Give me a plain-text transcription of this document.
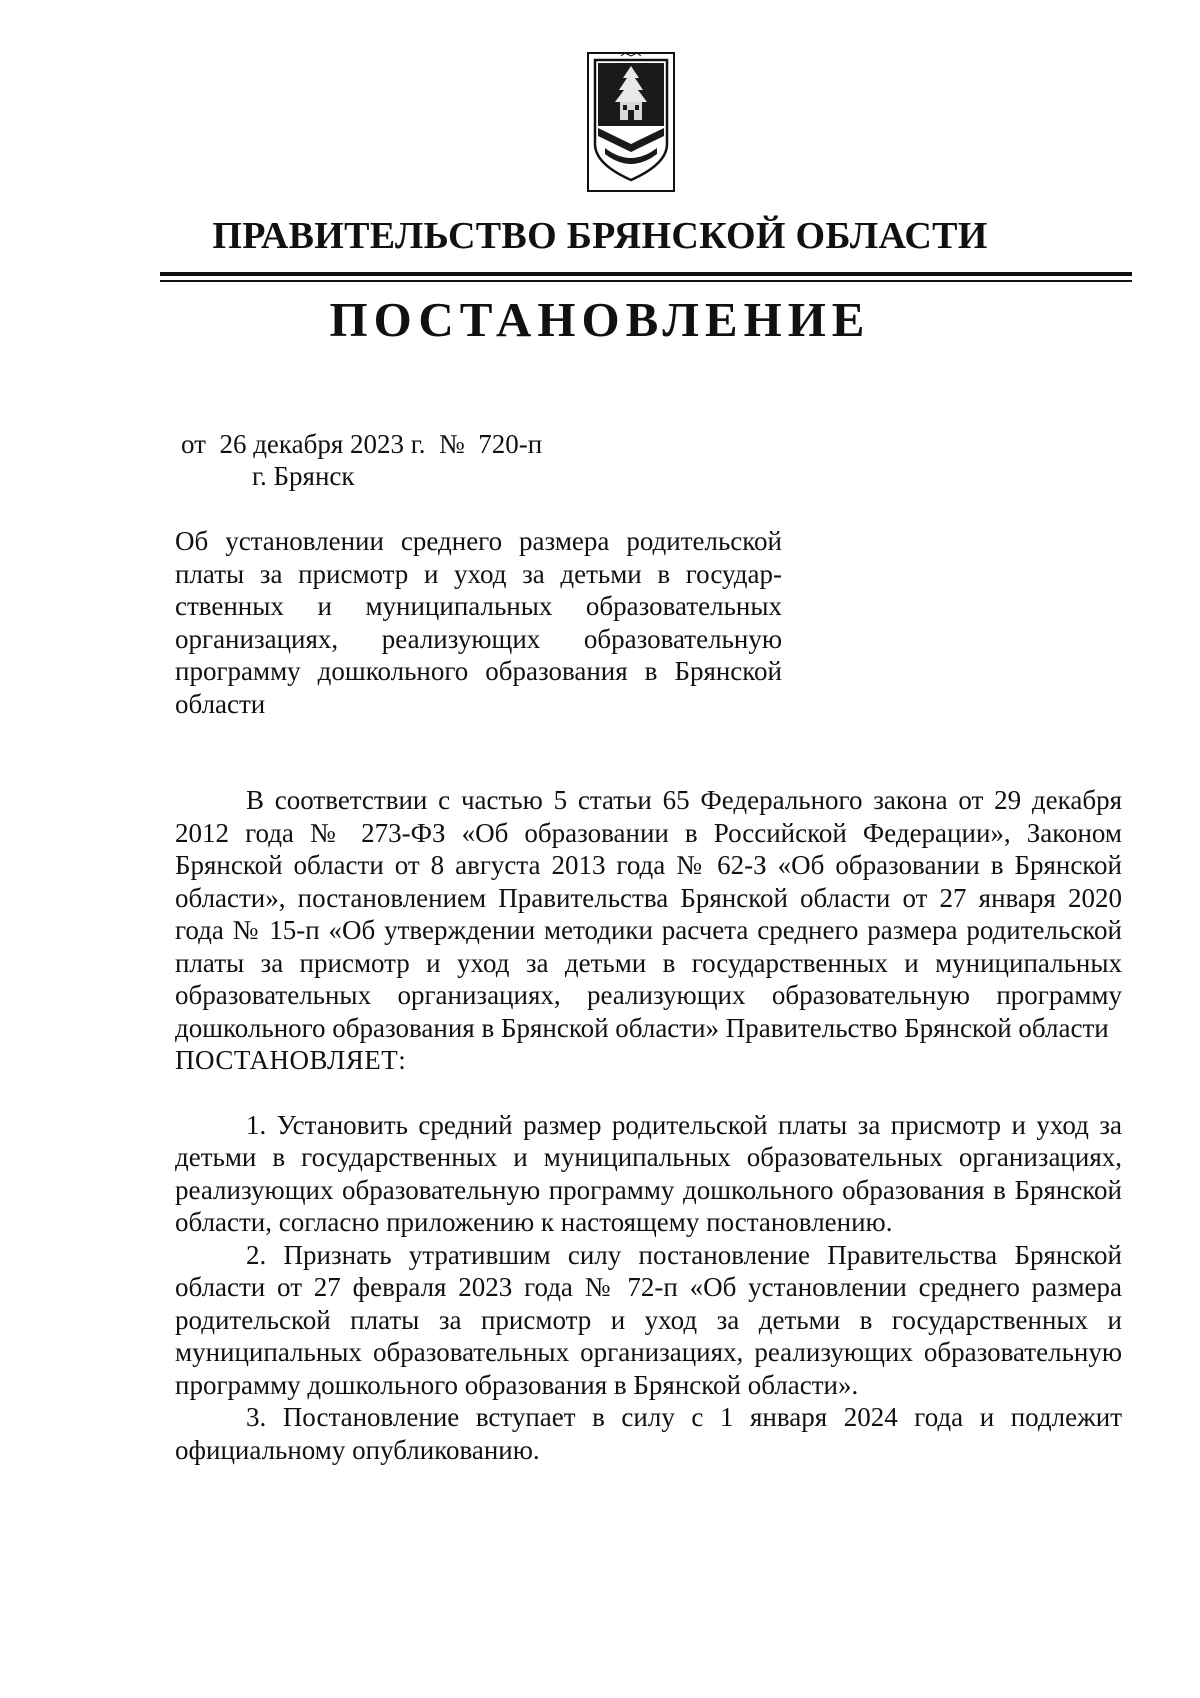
ПРАВИТЕЛЬСТВО БРЯНСКОЙ ОБЛАСТИ
ПОСТАНОВЛЕНИЕ
от  26 декабря 2023 г.  №  720-п
г. Брянск
Об установлении среднего размера родительской платы за присмотр и уход за детьми в государственных и муниципальных образовательных организациях, реализующих образовательную программу дошкольного образования в Брянской области

В соответствии с частью 5 статьи 65 Федерального закона от 29 декабря 2012 года № 273-ФЗ «Об образовании в Российской Федерации», Законом Брянской области от 8 августа 2013 года № 62-З «Об образовании в Брянской области», постановлением Правительства Брянской области от 27 января 2020 года № 15-п «Об утверждении методики расчета среднего размера родительской платы за присмотр и уход за детьми в государственных и муниципальных образовательных организациях, реализующих образовательную программу дошкольного образования в Брянской области» Правительство Брянской области

ПОСТАНОВЛЯЕТ:

1. Установить средний размер родительской платы за присмотр и уход за детьми в государственных и муниципальных образовательных организациях, реализующих образовательную программу дошкольного образования в Брянской области, согласно приложению к настоящему постановлению.

2. Признать утратившим силу постановление Правительства Брянской области от 27 февраля 2023 года № 72-п «Об установлении среднего размера родительской платы за присмотр и уход за детьми в государственных и муниципальных образовательных организациях, реализующих образовательную программу дошкольного образования в Брянской области».

3. Постановление вступает в силу с 1 января 2024 года и подлежит официальному опубликованию.
